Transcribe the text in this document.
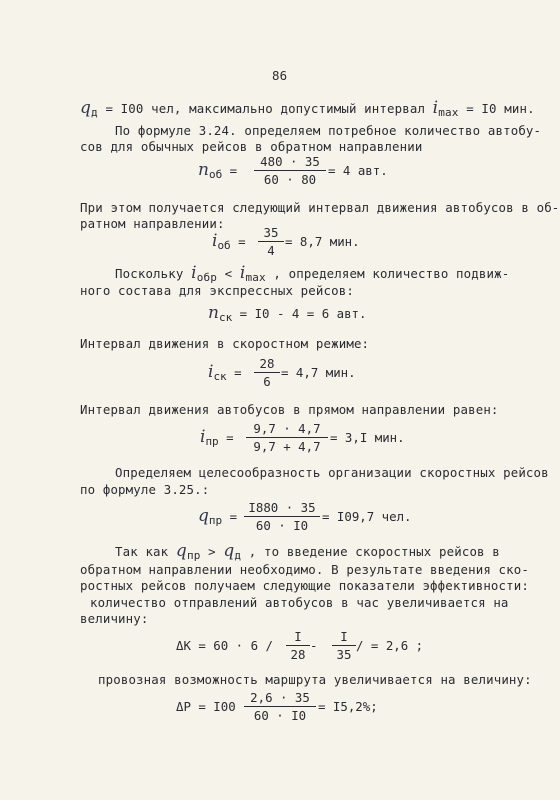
86
qд = I00 чел, максимально допустимый интервал imax = I0 мин.
По формуле 3.24. определяем потребное количество автобу-
сов для обычных рейсов в обратном направлении
nоб = $\frac{480 \cdot 35}{60 \cdot 80} = 4$ авт.
При этом получается следующий интервал движения автобусов в об-
ратном направлении:
iоб = $\frac{35}{4} = 8,7$ мин.
Поскольку iобр < imax , определяем количество подвиж-
ного состава для экспрессных рейсов:
nск = I0 - 4 = 6 авт.
Интервал движения в скоростном режиме:
iск = $\frac{28}{6} = 4,7$ мин.
Интервал движения автобусов в прямом направлении равен:
iпр = $\frac{9,7 \cdot 4,7}{9,7 + 4,7} = 3,I$ мин.
Определяем целесообразность организации скоростных рейсов
по формуле 3.25.:
qпр = $\frac{I880 \cdot 35}{60 \cdot I0} = I09,7$ чел.
Так как qпр > qд , то введение скоростных рейсов в
обратном направлении необходимо. В результате введения ско-
ростных рейсов получаем следующие показатели эффективности:
количество отправлений автобусов в час увеличивается на
величину:
$\Delta K = 60 \cdot 6 / \frac{I}{28} - \frac{I}{35}$ / = 2,6 ;
провозная возможность маршрута увеличивается на величину:
$\Delta P = I00 \frac{2,6 \cdot 35}{60 \cdot I0} = I5,2\%$;
